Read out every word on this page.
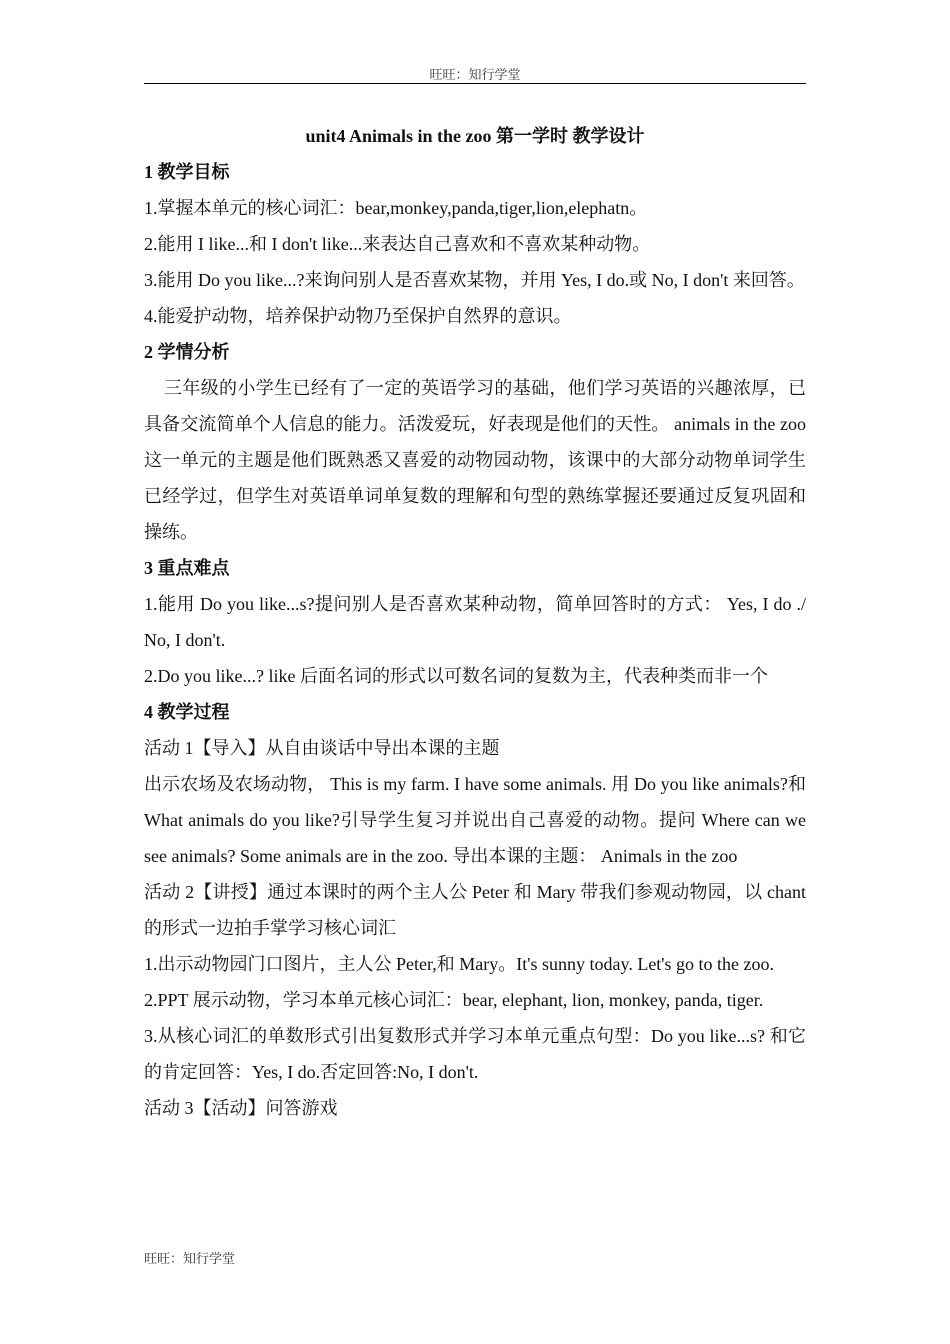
旺旺：知行学堂
unit4 Animals in the zoo 第一学时 教学设计
1 教学目标
1.掌握本单元的核心词汇：bear,monkey,panda,tiger,lion,elephatn。
2.能用 I like...和 I don't like...来表达自己喜欢和不喜欢某种动物。
3.能用 Do you like...?来询问别人是否喜欢某物，并用 Yes, I do.或 No, I don't 来回答。
4.能爱护动物，培养保护动物乃至保护自然界的意识。
2 学情分析
三年级的小学生已经有了一定的英语学习的基础，他们学习英语的兴趣浓厚，已具备交流简单个人信息的能力。活泼爱玩，好表现是他们的天性。 animals in the zoo 这一单元的主题是他们既熟悉又喜爱的动物园动物，该课中的大部分动物单词学生已经学过，但学生对英语单词单复数的理解和句型的熟练掌握还要通过反复巩固和操练。
3 重点难点
1.能用 Do you like...s?提问别人是否喜欢某种动物，简单回答时的方式： Yes, I do ./ No, I don't.
2.Do you like...? like 后面名词的形式以可数名词的复数为主，代表种类而非一个
4 教学过程
活动 1【导入】从自由谈话中导出本课的主题
出示农场及农场动物， This is my farm. I have some animals. 用 Do you like animals?和 What animals do you like?引导学生复习并说出自己喜爱的动物。提问 Where can we see animals? Some animals are in the zoo. 导出本课的主题： Animals in the zoo
活动 2【讲授】通过本课时的两个主人公 Peter 和 Mary 带我们参观动物园，以 chant 的形式一边拍手掌学习核心词汇
1.出示动物园门口图片，主人公 Peter,和 Mary。It's sunny today. Let's go to the zoo.
2.PPT 展示动物，学习本单元核心词汇：bear, elephant, lion, monkey, panda, tiger.
3.从核心词汇的单数形式引出复数形式并学习本单元重点句型：Do you like...s? 和它的肯定回答：Yes, I do.否定回答:No, I don't.
活动 3【活动】问答游戏
旺旺：知行学堂
